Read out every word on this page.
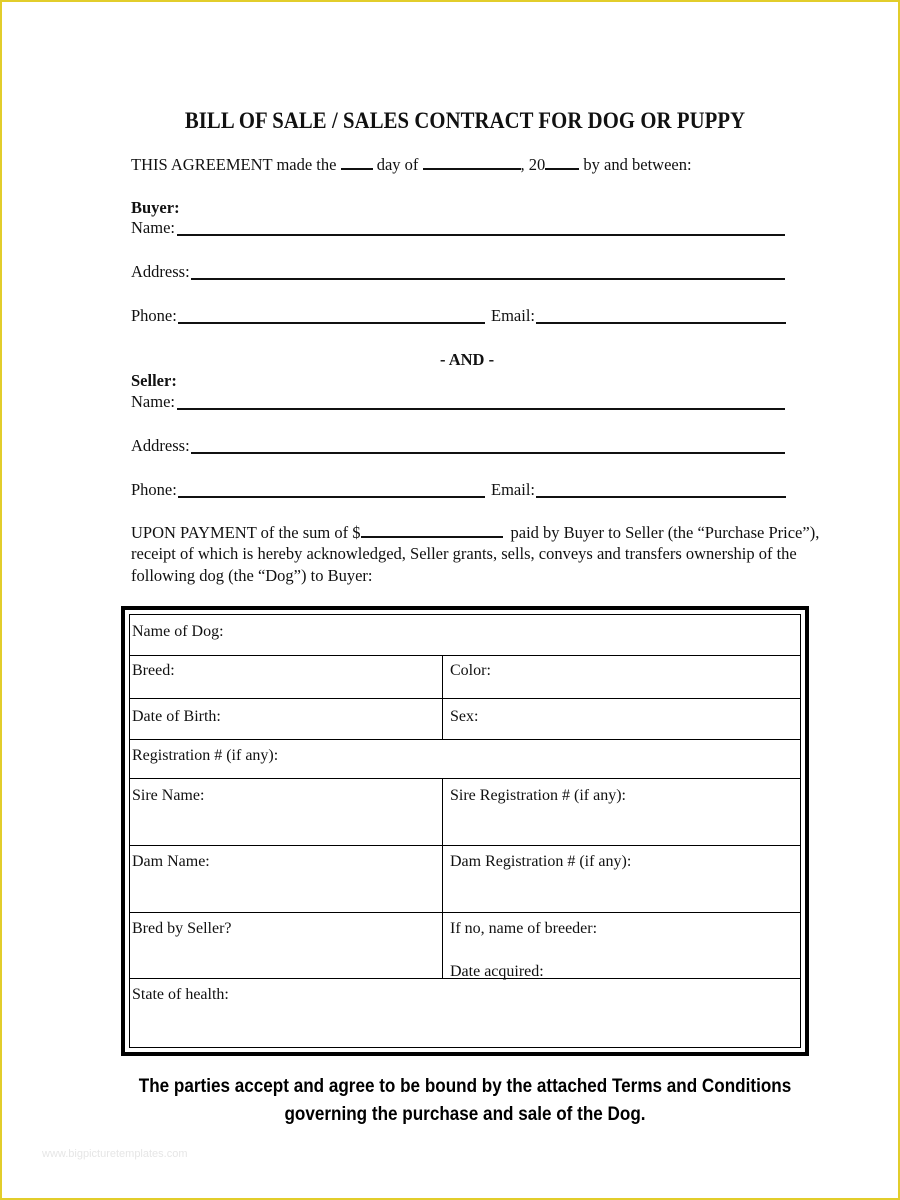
BILL OF SALE / SALES CONTRACT FOR DOG OR PUPPY
THIS AGREEMENT made the day of	, 20 by and between:
Buyer:
Name:
Address:
Phone:	Email:
- AND -
Seller:
Name:
Address:
Phone:	Email:
UPON PAYMENT of the sum of $	paid by Buyer to Seller (the “Purchase Price”),
receipt of which is hereby acknowledged, Seller grants, sells, conveys and transfers ownership of the
following dog (the “Dog”) to Buyer:
Name of Dog:
Breed:	Color:
Date of Birth:	Sex:
Registration # (if any):
Sire Name:	Sire Registration # (if any):
Dam Name:	Dam Registration # (if any):
Bred by Seller?	If no, name of breeder:
Date acquired:
State of health:
The parties accept and agree to be bound by the attached Terms and Conditions
governing the purchase and sale of the Dog.
www.bigpicturetemplates.com
